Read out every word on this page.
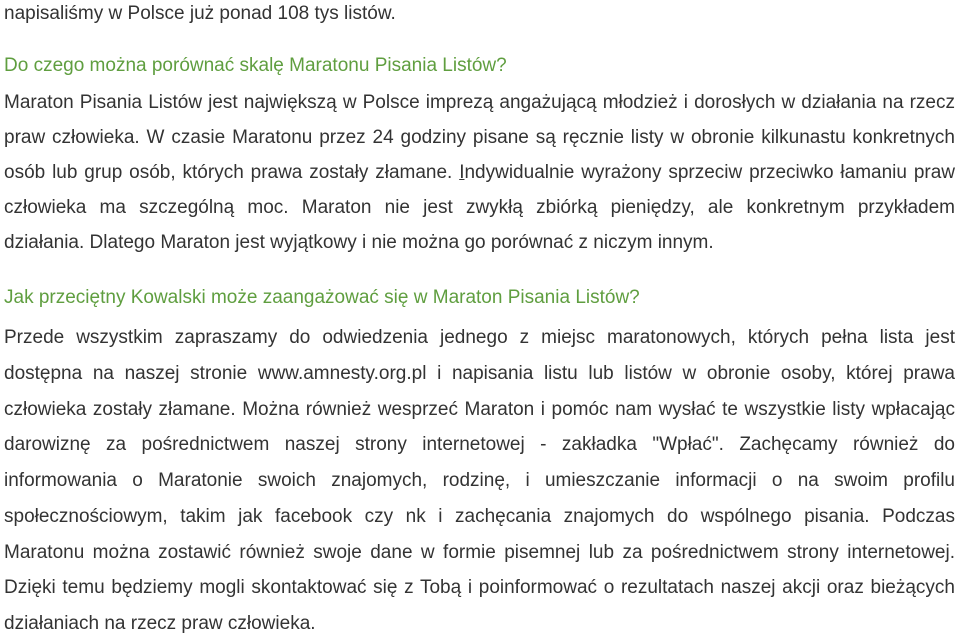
napisaliśmy w Polsce już ponad 108 tys listów.
Do czego można porównać skalę Maratonu Pisania Listów?
Maraton Pisania Listów jest największą w Polsce imprezą angażującą młodzież i dorosłych w działania na rzecz
praw człowieka. W czasie Maratonu przez 24 godziny pisane są ręcznie listy w obronie kilkunastu konkretnych
osób lub grup osób, których prawa zostały złamane. Indywidualnie wyrażony sprzeciw przeciwko łamaniu praw
człowieka ma szczególną moc. Maraton nie jest zwykłą zbiórką pieniędzy, ale konkretnym przykładem
działania. Dlatego Maraton jest wyjątkowy i nie można go porównać z niczym innym.
Jak przeciętny Kowalski może zaangażować się w Maraton Pisania Listów?
Przede wszystkim zapraszamy do odwiedzenia jednego z miejsc maratonowych, których pełna lista jest
dostępna na naszej stronie www.amnesty.org.pl i napisania listu lub listów w obronie osoby, której prawa
człowieka zostały złamane. Można również wesprzeć Maraton i pomóc nam wysłać te wszystkie listy wpłacając
darowiznę za pośrednictwem naszej strony internetowej - zakładka "Wpłać". Zachęcamy również do
informowania o Maratonie swoich znajomych, rodzinę, i umieszczanie informacji o na swoim profilu
społecznościowym, takim jak facebook czy nk i zachęcania znajomych do wspólnego pisania. Podczas
Maratonu można zostawić również swoje dane w formie pisemnej lub za pośrednictwem strony internetowej.
Dzięki temu będziemy mogli skontaktować się z Tobą i poinformować o rezultatach naszej akcji oraz bieżących
działaniach na rzecz praw człowieka.
